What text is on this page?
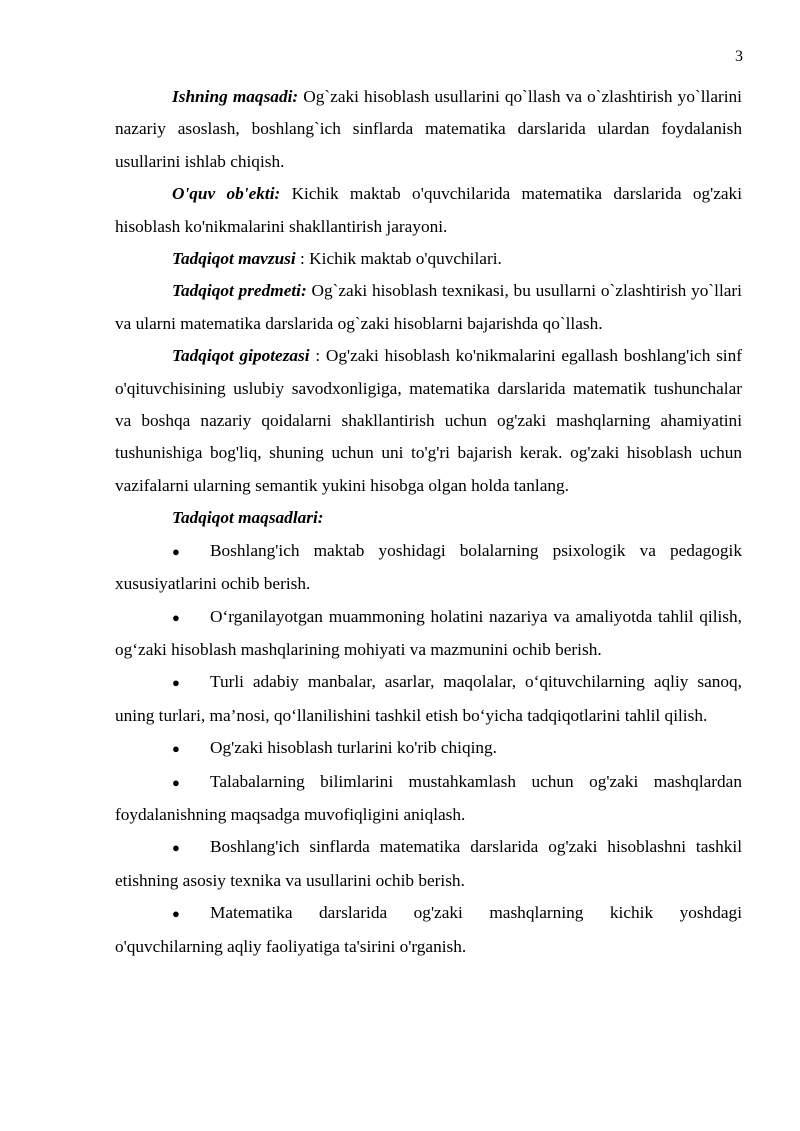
3

Ishning maqsadi: Og`zaki hisoblash usullarini qo`llash va o`zlashtirish yo`llarini nazariy asoslash, boshlang`ich sinflarda matematika darslarida ulardan foydalanish usullarini ishlab chiqish.

O'quv ob'ekti: Kichik maktab o'quvchilarida matematika darslarida og'zaki hisoblash ko'nikmalarini shakllantirish jarayoni.

Tadqiqot mavzusi : Kichik maktab o'quvchilari.

Tadqiqot predmeti: Og`zaki hisoblash texnikasi, bu usullarni o`zlashtirish yo`llari va ularni matematika darslarida og`zaki hisoblarni bajarishda qo`llash.

Tadqiqot gipotezasi : Og'zaki hisoblash ko'nikmalarini egallash boshlang'ich sinf o'qituvchisining uslubiy savodxonligiga, matematika darslarida matematik tushunchalar va boshqa nazariy qoidalarni shakllantirish uchun og'zaki mashqlarning ahamiyatini tushunishiga bog'liq, shuning uchun uni to'g'ri bajarish kerak. og'zaki hisoblash uchun vazifalarni ularning semantik yukini hisobga olgan holda tanlang.

Tadqiqot maqsadlari:

● Boshlang'ich maktab yoshidagi bolalarning psixologik va pedagogik xususiyatlarini ochib berish.
● O‘rganilayotgan muammoning holatini nazariya va amaliyotda tahlil qilish, og‘zaki hisoblash mashqlarining mohiyati va mazmunini ochib berish.
● Turli adabiy manbalar, asarlar, maqolalar, o‘qituvchilarning aqliy sanoq, uning turlari, ma’nosi, qo‘llanilishini tashkil etish bo‘yicha tadqiqotlarini tahlil qilish.
● Og'zaki hisoblash turlarini ko'rib chiqing.
● Talabalarning bilimlarini mustahkamlash uchun og'zaki mashqlardan foydalanishning maqsadga muvofiqligini aniqlash.
● Boshlang'ich sinflarda matematika darslarida og'zaki hisoblashni tashkil etishning asosiy texnika va usullarini ochib berish.
● Matematika darslarida og'zaki mashqlarning kichik yoshdagi o'quvchilarning aqliy faoliyatiga ta'sirini o'rganish.
